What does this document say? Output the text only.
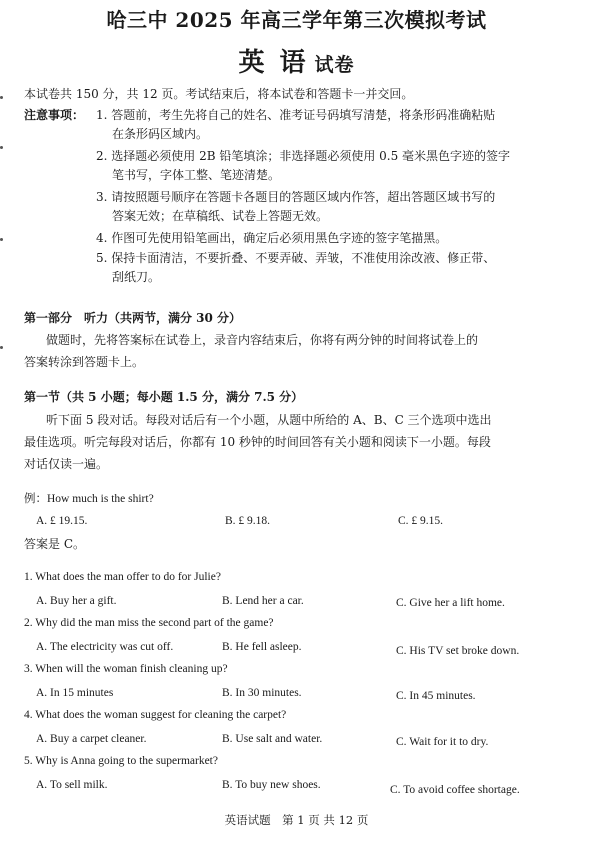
哈三中 2025 年高三学年第三次模拟考试
英 语 试卷
本试卷共 150 分，共 12 页。考试结束后，将本试卷和答题卡一并交回。
注意事项： 1. 答题前，考生先将自己的姓名、准考证号码填写清楚，将条形码准确粘贴
在条形码区域内。
2. 选择题必须使用 2B 铅笔填涂；非选择题必须使用 0.5 毫米黑色字迹的签字
笔书写，字体工整、笔迹清楚。
3. 请按照题号顺序在答题卡各题目的答题区域内作答，超出答题区域书写的
答案无效；在草稿纸、试卷上答题无效。
4. 作图可先使用铅笔画出，确定后必须用黑色字迹的签字笔描黑。
5. 保持卡面清洁，不要折叠、不要弄破、弄皱，不准使用涂改液、修正带、
刮纸刀。
第一部分　听力（共两节，满分 30 分）
做题时，先将答案标在试卷上，录音内容结束后，你将有两分钟的时间将试卷上的
答案转涂到答题卡上。
第一节（共 5 小题；每小题 1.5 分，满分 7.5 分）
听下面 5 段对话。每段对话后有一个小题，从题中所给的 A、B、C 三个选项中选出
最佳选项。听完每段对话后，你都有 10 秒钟的时间回答有关小题和阅读下一小题。每段
对话仅读一遍。
例：How much is the shirt?
A. £ 19.15.	B. £ 9.18.	C. £ 9.15.
答案是 C。
1. What does the man offer to do for Julie?
A. Buy her a gift.	B. Lend her a car.	C. Give her a lift home.
2. Why did the man miss the second part of the game?
A. The electricity was cut off.	B. He fell asleep.	C. His TV set broke down.
3. When will the woman finish cleaning up?
A. In 15 minutes	B. In 30 minutes.	C. In 45 minutes.
4. What does the woman suggest for cleaning the carpet?
A. Buy a carpet cleaner.	B. Use salt and water.	C. Wait for it to dry.
5. Why is Anna going to the supermarket?
A. To sell milk.	B. To buy new shoes.	C. To avoid coffee shortage.
英语试题　第 1 页 共 12 页
